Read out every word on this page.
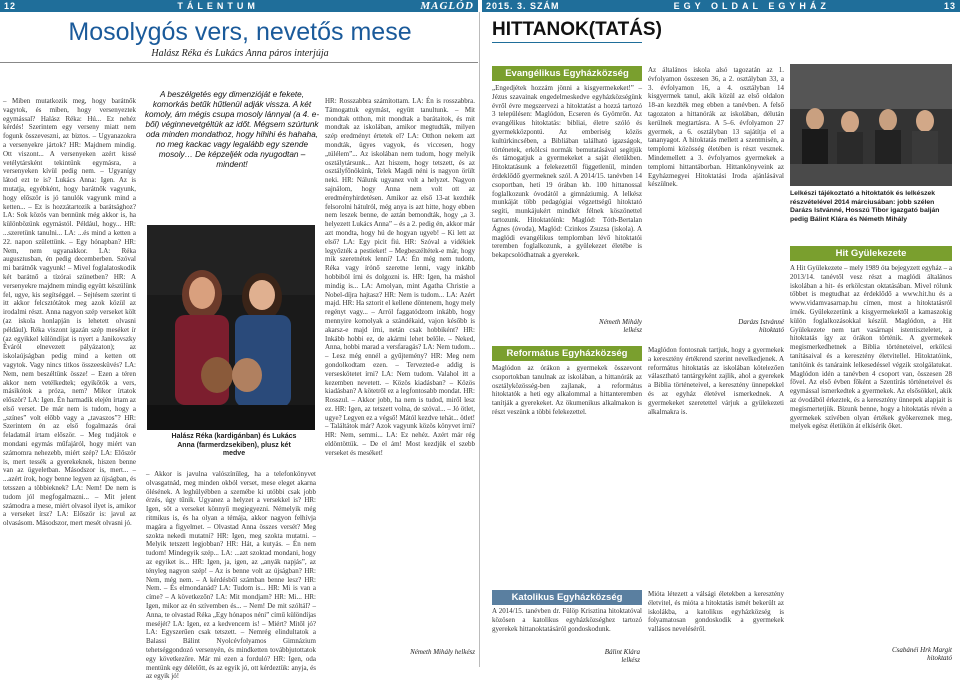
12	TÁLENTUM	MAGLÓD
Mosolygós vers, nevetős mese
Halász Réka és Lukács Anna páros interjúja
– Miben mutatkozik meg, hogy barátnők vagytok, és miben, hogy versenyeztek egymással? Halász Réka: Hú... Ez nehéz kérdés! Szerintem egy verseny miatt nem fogunk összeveszni, az biztos. – Ugyanazokra a versenyekre jártok? HR: Majdnem mindig. Ott viszont... A versenyeken azért kissé vetélytársként tekintünk egymásra, a versenyeken kívül pedig nem. – Ugyanígy látod ezt te is? Lukács Anna: Igen. Az is mutatja, egyébként, hogy barátnők vagyunk, hogy először is jó tanulók vagyunk mind a ketten... – Ez is hozzátartozik a barátsághoz? LA: Sok közös van bennünk még akkor is, ha különbözünk egymástól. Például, hogy... HR: ...szeretünk tanulni... LA: ...és mind a ketten a 22. napon születtünk. – Egy hónapban? HR: Nem, nem ugyanakkor. LA: Réka augusztusban, én pedig decemberben. Szóval mi barátnők vagyunk! – Mivel foglalatoskodik két barátnő a tízórai szünetben? HR: A versenyekre majdnem mindig együtt készülünk fel, ugye, kis segítséggel. – Sejtésem szerint ti itt akkor felcsztótátok meg azok közül az irodalmi részt. Anna nagyon szép verseket költ (az iskola honlapján is lehetett olvasni például). Réka viszont igazán szép meséket ír (az egyikkel különdíjat is nyert a Janikovszky Éváról elnevezett pályázaton); az iskolaújságban pedig mind a ketten ott vagytok. Vagy nincs titkos összeesküvés? LA: Nem, nem beszéltünk össze! – Ezen a téren akkor nem vetélkedtek; egyikőtök a vers, másikótok a próza, nem? Mikor írtatok először? LA: Igen. Én harmadik elején írtam az első verset. De már nem is tudom, hogy a „színes” volt előbb vagy a „tavaszos”? HR: Szerintem én az első fogalmazás órai feladatnál írtam először. – Meg tudjátok e mondani egymás műfajáról, hogy miért van számomra nehezebb, miért szép? LA: Először is, mert tessék a gyerekeknek, hiszen benne van az ügyeletban. Másodszor is, mert... – ...azért írok, hogy benne legyen az újságban, és tetsszen a többieknek? LA: Nem! De nem is tudom jól megfogalmazni... – Mit jelent számodra a mese, miért olvasol ilyet is, amikor a verseket írsz? LA: Először is: javul az olvasásom. Másodszor, mert mesét olvasni jó.
A beszélgetés egy dimenzióját e fekete, komorkás betűk hűtlenül adják vissza. A két komoly, ám mégis csupa mosoly lánnyal (a 4. e-ből) véginnevetgéltük az időt. Mégsem szúrtunk oda minden mondathoz, hogy hihihi és hahaha, no meg kackac vagy legalább egy szende mosoly… De képzeljék oda nyugodtan – mindent!
Halász Réka (kardigánban) és Lukács Anna (farmerdzsekiben), plusz két medve
– Akkor is javulna valószínűleg, ha a telefonkönyvet olvasgatnád, meg minden okból verset, mese eleget akarna ölésének. A leghülyébben a szemébe ki utóbbi csak jobb érzés, úgy tűnik. Ugyanez a helyzet a versekkel is? HR: Igen, sőt a verseket könnyű megjegyezni. Némelyik még ritmikus is, és ha olyan a témája, akkor nagyon felhívja magára a figyelmet. – Olvastad Anna összes versét? Meg szokta nekedi mutatni? HR: Igen, meg szokta mutatni. – Melyik tetszett legjobban? HR: Hát, a kutyás. – Én nem tudom! Mindegyik szép... LA: ...azt szoktad mondani, hogy az egyiket is... HR: Igen, ja, igen, az „anyák napjás”, az tényleg nagyon szép! – Az is benne volt az újságban? HR: Nem, még nem. – A kérdésből számban benne lesz? HR: Nem. – És elmondanád? LA: Tudom is... HR: Mi is van a címe? – A következőn? LA: Mit mondjam? HR: Mi... HR: Igen, mikor az én szívemben és... – Nem! De mit szóltál? – Anna, te olvastad Réka „Egy hónapos néni” című különdíjas meséjét? LA: Igen, ez a kedvencem is! – Miért? Mitől jó? LA: Egyszerűen csak tetszett. – Nemrég elindultatok a Balassi Bálint Nyolcévfolyamos Gimnázium tehetséggondozó versenyén, és mindketten továbbjutottatok egy következőre. Már mi ezen a forduló? HR: Igen, oda mentünk egy délelőtt, és az egyik jó, ott kérdeztük: anyja, és az egyik jó!
HR: Rosszabbra számítottam. LA: Én is rosszabbra. Támogattuk egymást, együtt tanultunk. – Mit mondtak otthon, mit mondtak a barátaitok, és mit mondtak az iskolában, amikor megtudták, milyen szép eredményt értetek el? LA: Otthon nekem azt mondták, ügyes vagyok, és viccesen, hogy „túlélem”... Az iskolában nem tudom, hogy melyik osztálytársunk... Azt hiszem, hogy tetszett, és az osztályfőnökünk, Telek Magdi néni is nagyon örült neki. HR: Nálunk ugyanez volt a helyzet. Nagyon sajnálom, hogy Anna nem volt ott az eredményhirdetésen. Amikor az első 13-at kezdték felsorolni hátulról, még anya is azt hitte, hogy ebben nem leszek benne, de aztán bemondták, hogy „a 3. helyezett Lukács Anna” – és a 2. pedig én, akkor már azt mondta, hogy hú de hogyan ugyeb! – Ki lett az első? LA: Egy picit fiú. HR: Szóval a vidékiek legyőzték a pestieket! – Megbeszéltétek-e már, hogy mik szeretnétek lenni? LA: Én még nem tudom, Réka vagy írónő szeretne lenni, vagy inkább hobbiból írni és dolgozni is. HR: Igen, ha máshol mindig is... LA: Amolyan, mint Agatha Christie a Nobel-díjra hajtasz? HR: Nem is tudom... LA: Azért majd. HR: Ha sztorit el kellene döntenem, hogy mely regényt vagy... – Arról faggatódzom inkább, hogy mennyire komolyak a szándékaid, vajon később is akarsz-e majd írni, netán csak hobbiként? HR: Inkább hobbi ez, de akármi lehet belőle. – Neked, Anna, hobbi marad a versfaragás? LA: Nem tudom... – Lesz még ennél a gyűjtemény? HR: Meg nem gondolkodtam ezen. – Tervezted-e addig is verseskötetet írni? LA: Nem tudom. Valahol itt a kezemben nevetett. – Közös kiadásban? – Közös kiadásban? A kötetről ez a legfontosabb mondat. HR: Rosszul. – Akkor jobb, ha nem is tudod, miről lesz ez. HR: Igen, az tetszett volna, de szóval... – Jó ötlet, ugye? Legyen ez a végső! Mától kezdve tehát... ötlet! – Találtátok már? Azok vagyunk közös könyvet írni? HR: Nem, semmi... LA: Ez nehéz. Azért már rég eldöntöttük. – De el ám! Most kezdjük el szebb verseket és meséket!
Németh Mihály helkész
2015. 3. SZÁM	EGY OLDAL EGYHÁZ	13
HITTANOK(TATÁS)
Evangélikus Egyházközség
„Engedjétek hozzám jönni a kisgyermekeket!” – Jézus szavainak engedelmeskedve egyházközségünk évről évre megszervezi a hitoktatást a hozzá tartozó 3 településen: Maglódon, Ecseren és Gyömrőn. Az evangélikus hitoktatás: bibliai, életre szóló és gyermekközpontú. Az emberiség közös kultúrkincsében, a Bibliában található igazságok, történetek, erkölcsi normák bemutatásával segítjük és támogatjuk a gyermekeket a saját életükben. Hitoktatásunk a felekezettől függetlenül, minden érdeklődő gyermeknek szól. A 2014/15. tanévben 14 csoportban, heti 19 órában kb. 100 hittanossal foglalkozunk óvodától a gimnáziumig. A lelkész munkáját több pedagógiai végzettségű hitoktató segíti, munkájukért mindkét félnek köszönettel tartozunk. Hitoktatóink: Maglód: Tóth-Bertalan Ágnes (óvoda), Maglód: Czinkos Zsuzsa (iskola). A maglódi evangélikus templomban lévő hitoktatói teremben foglalkozunk, a gyülekezet életébe is bekapcsolódhatnak a gyerekek.
Németh Mihály
lelkész
Református Egyházközség
Maglódon az órákon a gyermekek összevont csoportokban tanulnak az iskolában, a hittanórák az osztályközösség-ben zajlanak, a református hitoktatók a heti egy alkalommal a hittanteremben tanítják a gyerekeket. Az ökumenikus alkalmakon is részt veszünk a többi felekezettel.
Katolikus Egyházközség
A 2014/15. tanévben dr. Fülöp Krisztina hitoktatóval közösen a katolikus egyházközséghez tartozó gyerekek hittanoktatásáról gondoskodunk.
Bálint Klára
lelkész
Az általános iskola alsó tagozatán az 1. évfolyamon összesen 36, a 2. osztályban 33, a 3. évfolyamon 16, a 4. osztályban 14 kisgyermek tanul, akik közül az első oldalon 18-an kezdték meg ebben a tanévben. A felső tagozaton a hittanórák az iskolában, délután kerülnek megtartásra. A 5–6. évfolyamon 27 gyermek, a 6. osztályban 13 sajátítja el a tananyagot. A hitoktatás mellett a szentmisén, a templomi közösség életében is részt vesznek. Mindemellett a 3. évfolyamos gyermekek a templomi hittantáborban. Hittankönyveink az Egyházmegyei Hitoktatási Iroda ajánlásával készülnek.
Darázs Istvánné
hitoktató
Maglódon fontosnak tartjuk, hogy a gyermekek a keresztény értékrend szerint nevelkedjenek. A református hitoktatás az iskolában kötelezően választható tantárgyként zajlik, ahol a gyerekek a Biblia történeteivel, a keresztény ünnepekkel és az egyház életével ismerkednek. A gyermekeket szeretettel várjuk a gyülekezeti alkalmakra is.
Mióta létezett a válsági életekben a keresztény életvitel, és mióta a hitoktatás ismét bekerült az iskolákba, a katolikus egyházközség is folyamatosan gondoskodik a gyermekek vallásos neveléséről.
Lelkészi tájékoztató a hitoktatók és lelkészek részvételével 2014 márciusában: jobb szélen Darázs Istvánné, Hosszú Tibor igazgató balján pedig Bálint Klára és Németh Mihály
Hit Gyülekezete
A Hit Gyülekezete – mely 1989 óta bejegyzett egyház – a 2013/14. tanévtől vesz részt a maglódi általános iskolában a hit- és erkölcstan oktatásában. Mivel rólunk többet is megtudhat az érdeklődő a www.hit.hu és a www.vidamvasarnap.hu címen, most a hitoktatásról írnék. Gyülekezetünk a kisgyermekektől a kamaszokig külön foglalkozásokkal készül. Maglódon, a Hit Gyülekezete nem tart vasárnapi istentiszteletet, a hitoktatás így az órákon történik. A gyermekek megismerkedhetnek a Biblia történeteivel, erkölcsi tanításaival és a keresztény életvitellel. Hitoktatóink, tanítóink és tanáraink lelkesedéssel végzik szolgálatukat. Maglódon idén a tanévben 4 csoport van, összesen 28 fővel. Az első évben főként a Szentírás történeteivel és egymással ismerkedtek a gyermekek. Az elsősökkel, akik az óvodából érkeztek, és a keresztény ünnepek alapjait is megismertetjük. Bízunk benne, hogy a hitoktatás révén a gyermekek szívében olyan értékek gyökereznek meg, melyek egész életükön át elkísérik őket.
Csabánéi Hrk Margit
hitoktató
